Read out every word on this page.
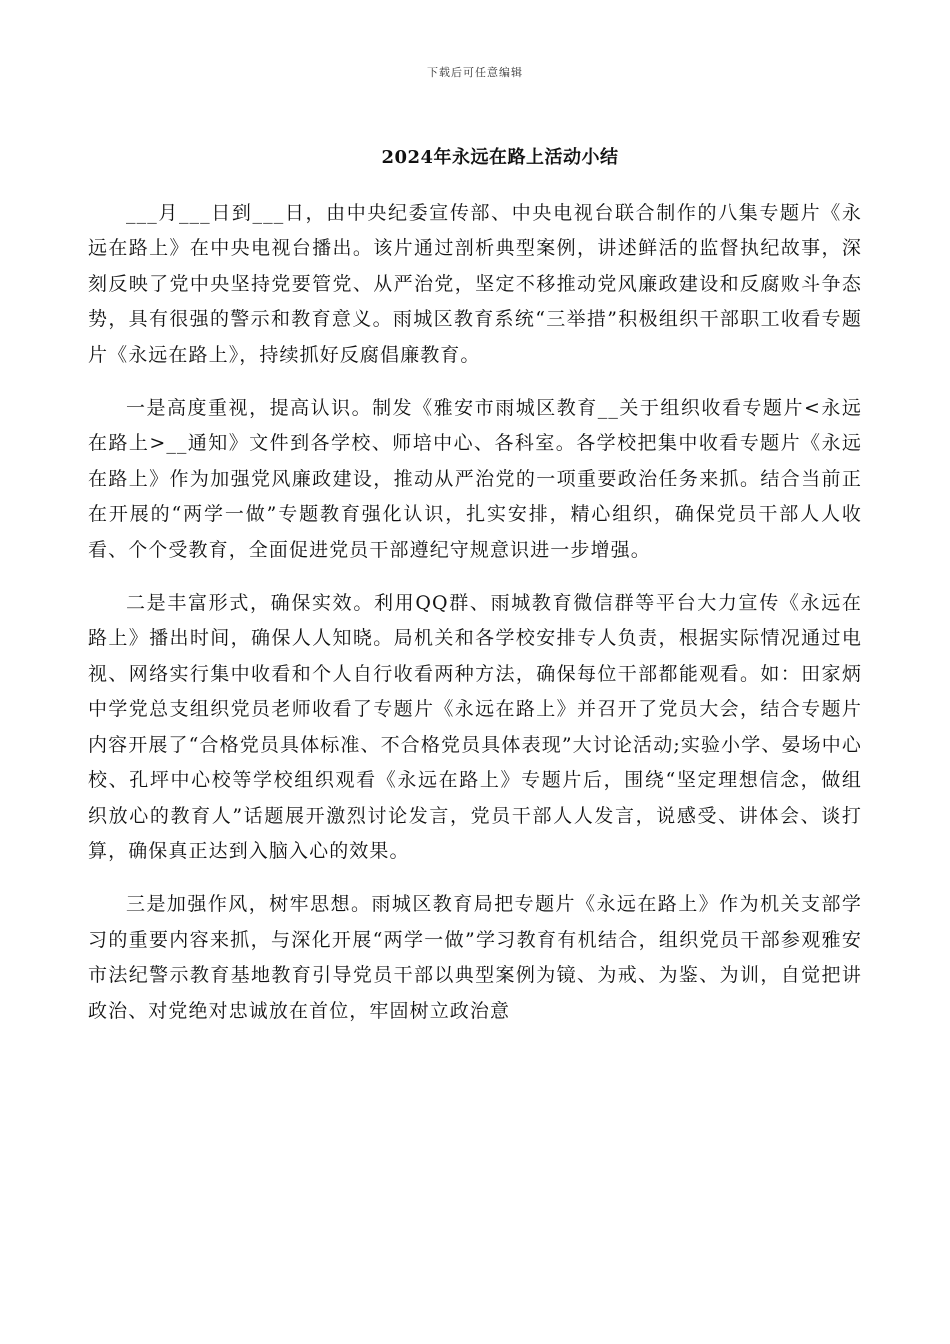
下载后可任意编辑
2024年永远在路上活动小结

___月___日到___日，由中央纪委宣传部、中央电视台联合制作的八集专题片《永远在路上》在中央电视台播出。该片通过剖析典型案例，讲述鲜活的监督执纪故事，深刻反映了党中央坚持党要管党、从严治党，坚定不移推动党风廉政建设和反腐败斗争态势，具有很强的警示和教育意义。雨城区教育系统“三举措”积极组织干部职工收看专题片《永远在路上》，持续抓好反腐倡廉教育。

一是高度重视，提高认识。制发《雅安市雨城区教育__关于组织收看专题片<永远在路上>__通知》文件到各学校、师培中心、各科室。各学校把集中收看专题片《永远在路上》作为加强党风廉政建设，推动从严治党的一项重要政治任务来抓。结合当前正在开展的“两学一做”专题教育强化认识，扎实安排，精心组织，确保党员干部人人收看、个个受教育，全面促进党员干部遵纪守规意识进一步增强。

二是丰富形式，确保实效。利用QQ群、雨城教育微信群等平台大力宣传《永远在路上》播出时间，确保人人知晓。局机关和各学校安排专人负责，根据实际情况通过电视、网络实行集中收看和个人自行收看两种方法，确保每位干部都能观看。如：田家炳中学党总支组织党员老师收看了专题片《永远在路上》并召开了党员大会，结合专题片内容开展了“合格党员具体标准、不合格党员具体表现”大讨论活动;实验小学、晏场中心校、孔坪中心校等学校组织观看《永远在路上》专题片后，围绕“坚定理想信念，做组织放心的教育人”话题展开激烈讨论发言，党员干部人人发言，说感受、讲体会、谈打算，确保真正达到入脑入心的效果。

三是加强作风，树牢思想。雨城区教育局把专题片《永远在路上》作为机关支部学习的重要内容来抓，与深化开展“两学一做”学习教育有机结合，组织党员干部参观雅安市法纪警示教育基地教育引导党员干部以典型案例为镜、为戒、为鉴、为训，自觉把讲政治、对党绝对忠诚放在首位，牢固树立政治意
